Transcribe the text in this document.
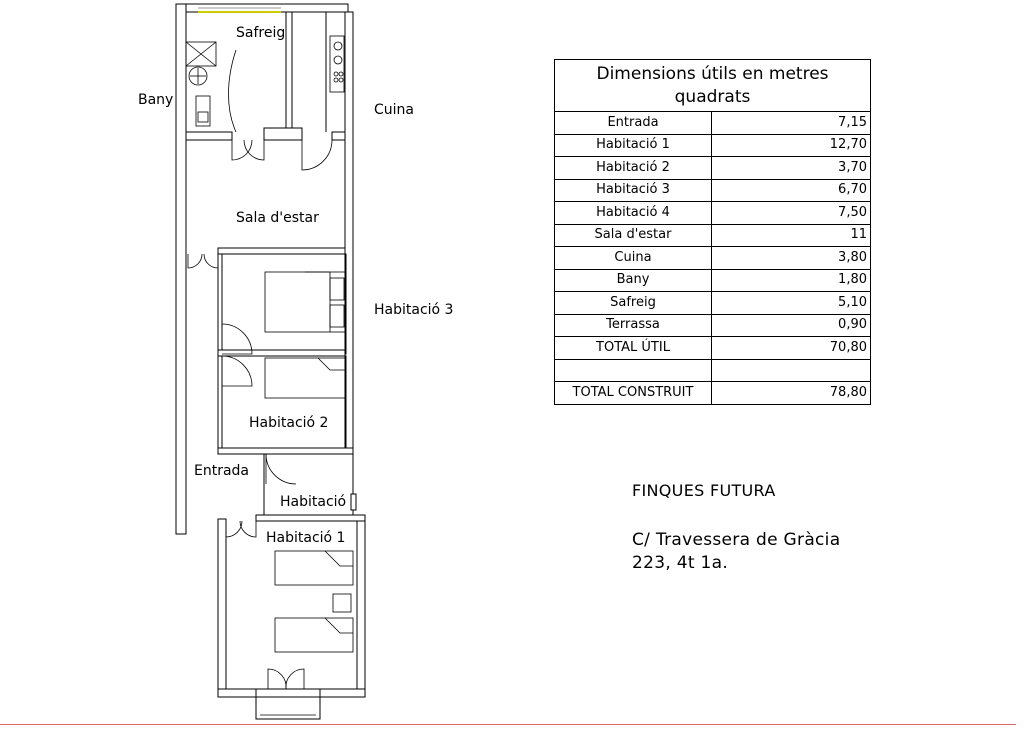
Safreig
Bany
Cuina
Sala d'estar
Habitació 3
Habitació 2
Entrada
Habitació
Habitació 1
Dimensions útils en metres quadrats	
Entrada	7,15
Habitació 1	12,70
Habitació 2	3,70
Habitació 3	6,70
Habitació 4	7,50
Sala d'estar	11
Cuina	3,80
Bany	1,80
Safreig	5,10
Terrassa	0,90
TOTAL ÚTIL	70,80

TOTAL CONSTRUIT	78,80
FINQUES FUTURA
C/ Travessera de Gràcia
223, 4t 1a.
